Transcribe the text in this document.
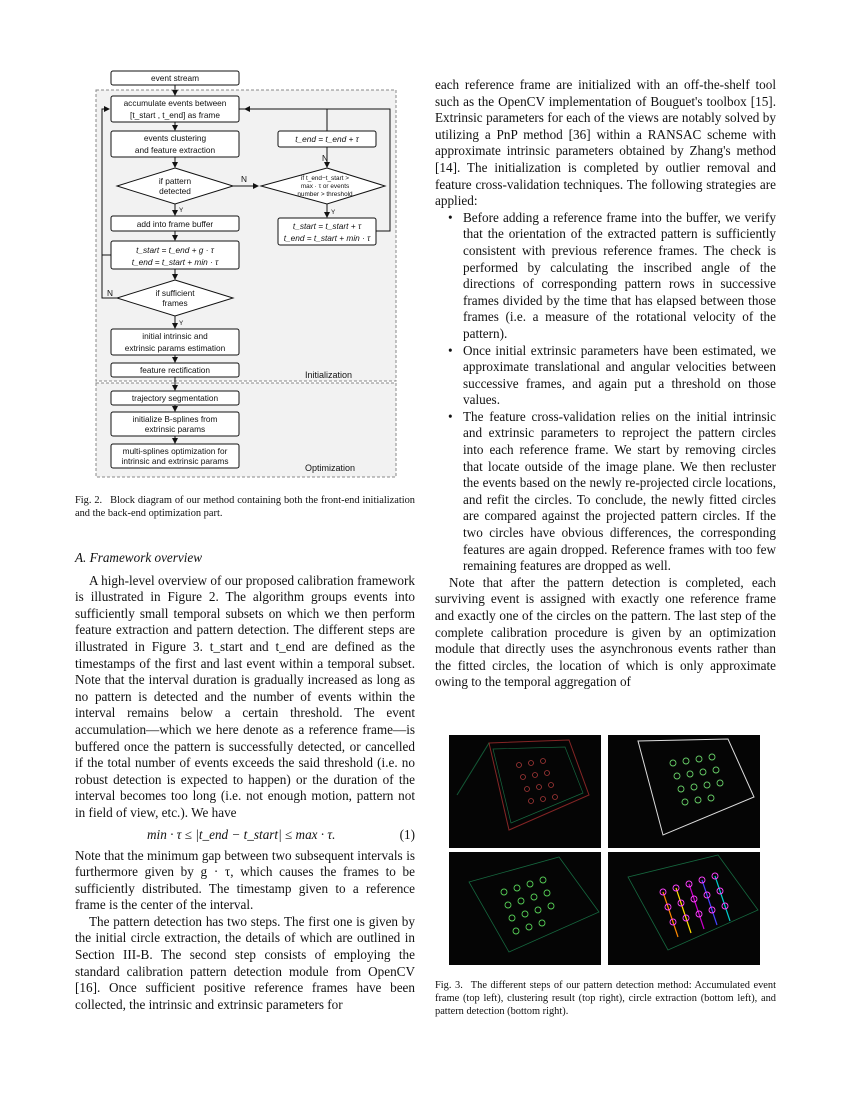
Initialization
Optimization
event stream
accumulate events between
[t_start , t_end] as frame
events clustering
and feature extraction
if pattern
detected
N
Y
t_end = t_end + τ
N
if t_end−t_start >
max · τ or events
number > threshold
Y
t_start = t_start + τ
t_end = t_start + min · τ
add into frame buffer
t_start = t_end + g · τ
t_end = t_start + min · τ
if sufficient
frames
N
Y
initial intrinsic and
extrinsic params estimation
feature rectification
trajectory segmentation
initialize B-splines from
extrinsic params
multi-splines optimization for
intrinsic and extrinsic params
Fig. 2. Block diagram of our method containing both the front-end initialization and the back-end optimization part.

A. Framework overview

A high-level overview of our proposed calibration framework is illustrated in Figure 2. The algorithm groups events into sufficiently small temporal subsets on which we then perform feature extraction and pattern detection. The different steps are illustrated in Figure 3. t_start and t_end are defined as the timestamps of the first and last event within a temporal subset. Note that the interval duration is gradually increased as long as no pattern is detected and the number of events within the interval remains below a certain threshold. The event accumulation—which we here denote as a reference frame—is buffered once the pattern is successfully detected, or cancelled if the total number of events exceeds the said threshold (i.e. no robust detection is expected to happen) or the duration of the interval becomes too long (i.e. not enough motion, pattern not in field of view, etc.). We have

min · τ ≤ |t_end − t_start| ≤ max · τ.	(1)

Note that the minimum gap between two subsequent intervals is furthermore given by g · τ, which causes the frames to be sufficiently distributed. The timestamp given to a reference frame is the center of the interval.

The pattern detection has two steps. The first one is given by the initial circle extraction, the details of which are outlined in Section III-B. The second step consists of employing the standard calibration pattern detection module from OpenCV [16]. Once sufficient positive reference frames have been collected, the intrinsic and extrinsic parameters for

each reference frame are initialized with an off-the-shelf tool such as the OpenCV implementation of Bouguet's toolbox [15]. Extrinsic parameters for each of the views are notably solved by utilizing a PnP method [36] within a RANSAC scheme with approximate intrinsic parameters obtained by Zhang's method [14]. The initialization is completed by outlier removal and feature cross-validation techniques. The following strategies are applied:

• Before adding a reference frame into the buffer, we verify that the orientation of the extracted pattern is sufficiently consistent with previous reference frames. The check is performed by calculating the inscribed angle of the directions of corresponding pattern rows in successive frames divided by the time that has elapsed between those frames (i.e. a measure of the rotational velocity of the pattern).
• Once initial extrinsic parameters have been estimated, we approximate translational and angular velocities between successive frames, and again put a threshold on those values.
• The feature cross-validation relies on the initial intrinsic and extrinsic parameters to reproject the pattern circles into each reference frame. We start by removing circles that locate outside of the image plane. We then recluster the events based on the newly re-projected circle locations, and refit the circles. To conclude, the newly fitted circles are compared against the projected pattern circles. If the two circles have obvious differences, the corresponding features are again dropped. Reference frames with too few remaining features are dropped as well.

Note that after the pattern detection is completed, each surviving event is assigned with exactly one reference frame and exactly one of the circles on the pattern. The last step of the complete calibration procedure is given by an optimization module that directly uses the asynchronous events rather than the fitted circles, the location of which is only approximate owing to the temporal aggregation of

Fig. 3. The different steps of our pattern detection method: Accumulated event frame (top left), clustering result (top right), circle extraction (bottom left), and pattern detection (bottom right).
